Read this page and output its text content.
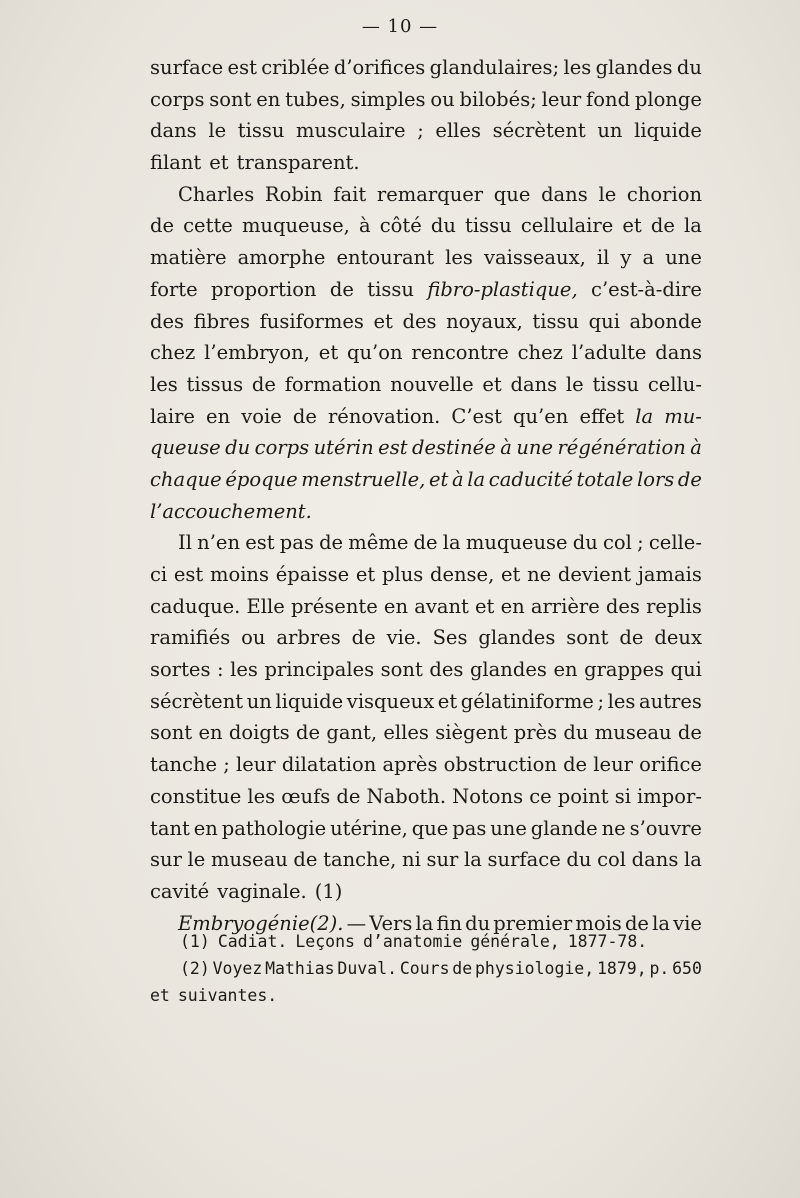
— 10 —
surface est criblée d’orifices glandulaires; les glandes du
corps sont en tubes, simples ou bilobés; leur fond plonge
dans le tissu musculaire ; elles sécrètent un liquide
filant et transparent.
Charles Robin fait remarquer que dans le chorion
de cette muqueuse, à côté du tissu cellulaire et de la
matière amorphe entourant les vaisseaux, il y a une
forte proportion de tissu fibro-plastique, c’est-à-dire
des fibres fusiformes et des noyaux, tissu qui abonde
chez l’embryon, et qu’on rencontre chez l’adulte dans
les tissus de formation nouvelle et dans le tissu cellu-
laire en voie de rénovation. C’est qu’en effet la mu-
queuse du corps utérin est destinée à une régénération à
chaque époque menstruelle, et à la caducité totale lors de
l’accouchement.
Il n’en est pas de même de la muqueuse du col ; celle-
ci est moins épaisse et plus dense, et ne devient jamais
caduque. Elle présente en avant et en arrière des replis
ramifiés ou arbres de vie. Ses glandes sont de deux
sortes : les principales sont des glandes en grappes qui
sécrètent un liquide visqueux et gélatiniforme ; les autres
sont en doigts de gant, elles siègent près du museau de
tanche ; leur dilatation après obstruction de leur orifice
constitue les œufs de Naboth. Notons ce point si impor-
tant en pathologie utérine, que pas une glande ne s’ouvre
sur le museau de tanche, ni sur la surface du col dans la
cavité vaginale. (1)
Embryogénie(2). — Vers la fin du premier mois de la vie
(1) Cadiat. Leçons d’anatomie générale, 1877-78.
(2) Voyez Mathias Duval. Cours de physiologie, 1879, p. 650
et suivantes.
